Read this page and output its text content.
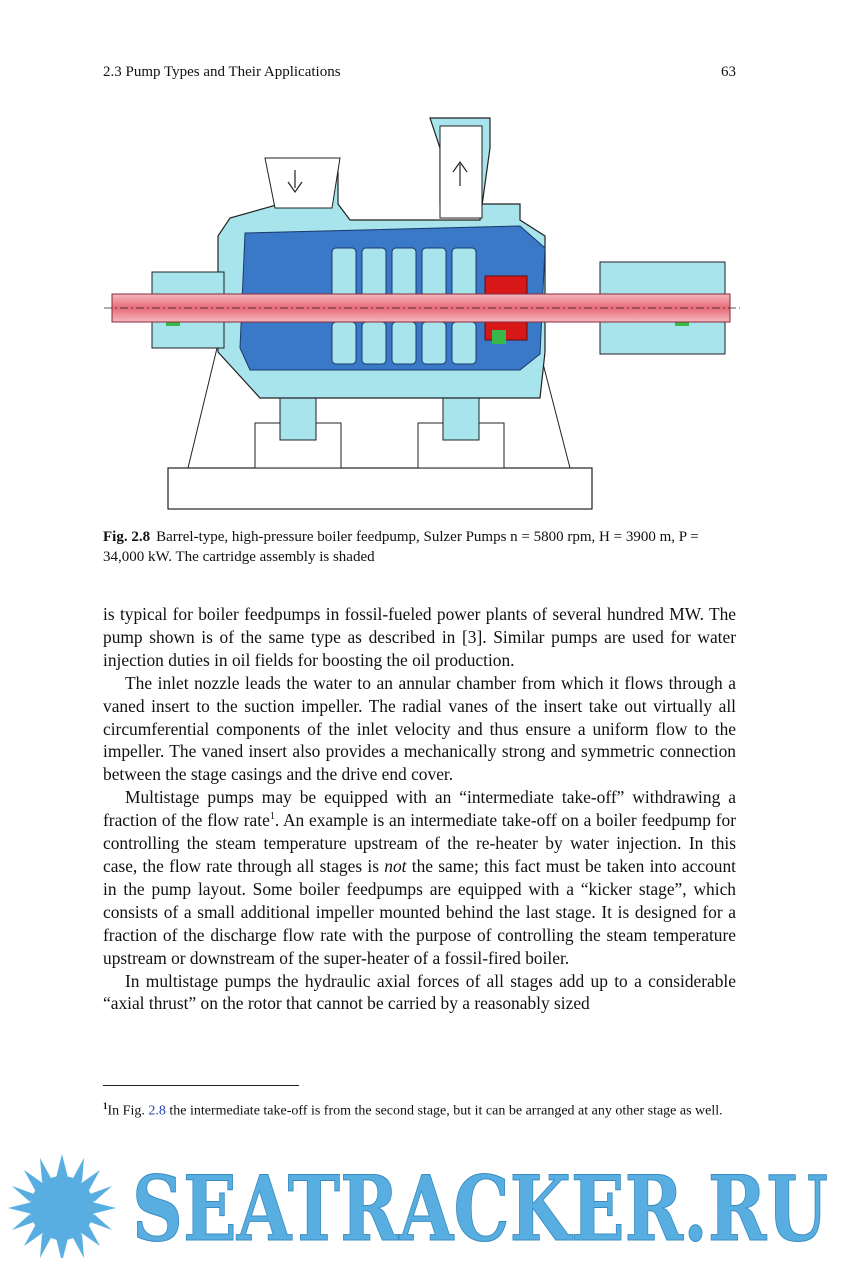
2.3 Pump Types and Their Applications	63
Fig. 2.8 Barrel-type, high-pressure boiler feedpump, Sulzer Pumps n = 5800 rpm, H = 3900 m, P = 34,000 kW. The cartridge assembly is shaded

is typical for boiler feedpumps in fossil-fueled power plants of several hundred MW. The pump shown is of the same type as described in [3]. Similar pumps are used for water injection duties in oil fields for boosting the oil production.

The inlet nozzle leads the water to an annular chamber from which it flows through a vaned insert to the suction impeller. The radial vanes of the insert take out virtually all circumferential components of the inlet velocity and thus ensure a uniform flow to the impeller. The vaned insert also provides a mechanically strong and symmetric connection between the stage casings and the drive end cover.

Multistage pumps may be equipped with an “intermediate take-off” withdrawing a fraction of the flow rate$^1$. An example is an intermediate take-off on a boiler feedpump for controlling the steam temperature upstream of the re-heater by water injection. In this case, the flow rate through all stages is not the same; this fact must be taken into account in the pump layout. Some boiler feedpumps are equipped with a “kicker stage”, which consists of a small additional impeller mounted behind the last stage. It is designed for a fraction of the discharge flow rate with the purpose of controlling the steam temperature upstream or downstream of the super-heater of a fossil-fired boiler.

In multistage pumps the hydraulic axial forces of all stages add up to a considerable “axial thrust” on the rotor that cannot be carried by a reasonably sized

$^1$In Fig. 2.8 the intermediate take-off is from the second stage, but it can be arranged at any other stage as well.
SEATRACKER.RU
